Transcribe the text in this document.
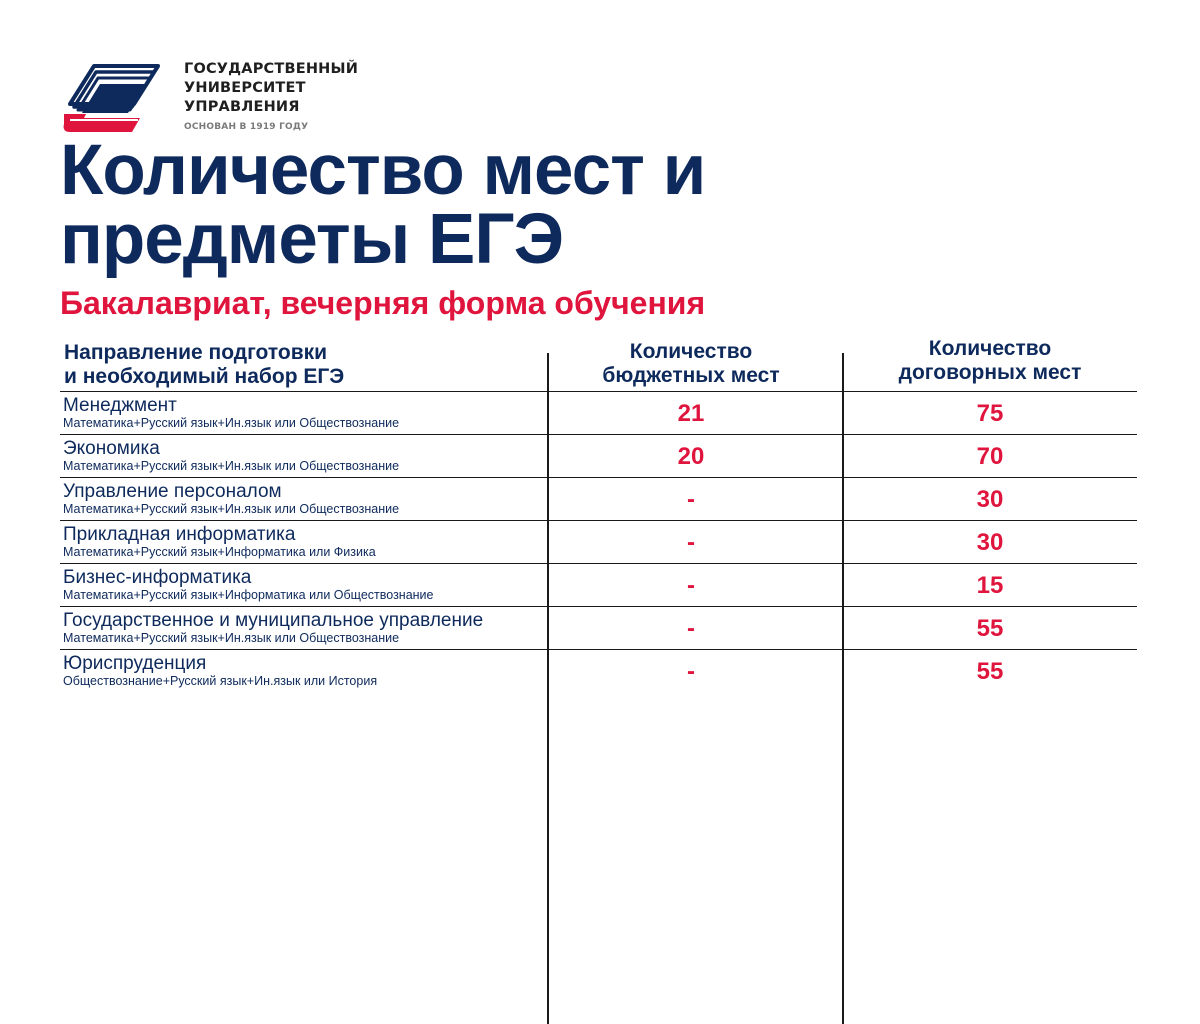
ГОСУДАРСТВЕННЫЙ
УНИВЕРСИТЕТ
УПРАВЛЕНИЯ
ОСНОВАН В 1919 ГОДУ
Количество мест и
предметы ЕГЭ
Бакалавриат, вечерняя форма обучения
Направление подготовки
и необходимый набор ЕГЭ
Количество
бюджетных мест
Количество
договорных мест
Менеджмент
Математика+Русский язык+Ин.язык или Обществознание	21	75
Экономика
Математика+Русский язык+Ин.язык или Обществознание	20	70
Управление персоналом
Математика+Русский язык+Ин.язык или Обществознание	-	30
Прикладная информатика
Математика+Русский язык+Информатика или Физика	-	30
Бизнес-информатика
Математика+Русский язык+Информатика или Обществознание	-	15
Государственное и муниципальное управление
Математика+Русский язык+Ин.язык или Обществознание	-	55
Юриспруденция
Обществознание+Русский язык+Ин.язык или История	-	55
